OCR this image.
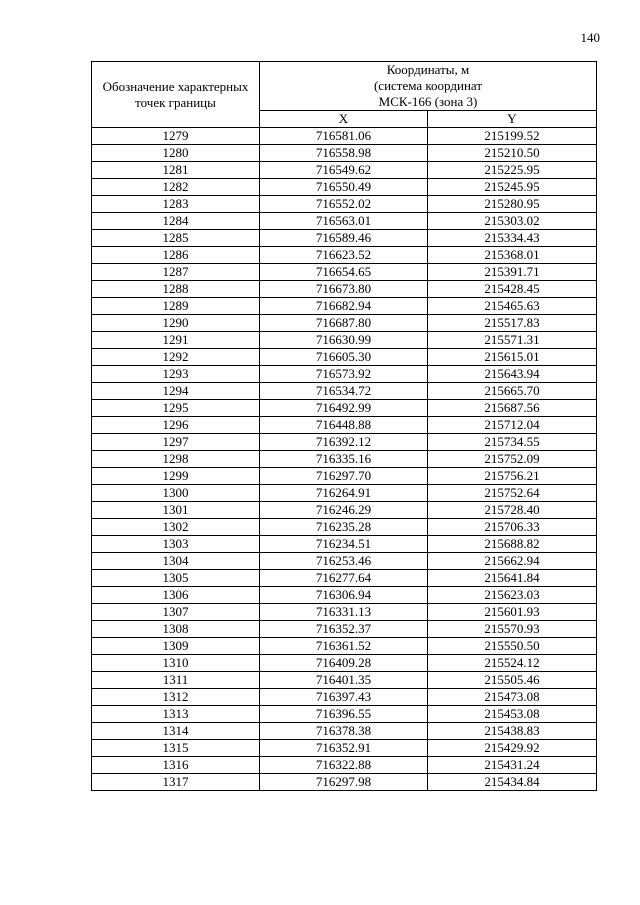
140
Обозначение характерных точек границы	Координаты, м
(система координат
МСК-166 (зона 3)	

	X	Y
1279	716581.06	215199.52
1280	716558.98	215210.50
1281	716549.62	215225.95
1282	716550.49	215245.95
1283	716552.02	215280.95
1284	716563.01	215303.02
1285	716589.46	215334.43
1286	716623.52	215368.01
1287	716654.65	215391.71
1288	716673.80	215428.45
1289	716682.94	215465.63
1290	716687.80	215517.83
1291	716630.99	215571.31
1292	716605.30	215615.01
1293	716573.92	215643.94
1294	716534.72	215665.70
1295	716492.99	215687.56
1296	716448.88	215712.04
1297	716392.12	215734.55
1298	716335.16	215752.09
1299	716297.70	215756.21
1300	716264.91	215752.64
1301	716246.29	215728.40
1302	716235.28	215706.33
1303	716234.51	215688.82
1304	716253.46	215662.94
1305	716277.64	215641.84
1306	716306.94	215623.03
1307	716331.13	215601.93
1308	716352.37	215570.93
1309	716361.52	215550.50
1310	716409.28	215524.12
1311	716401.35	215505.46
1312	716397.43	215473.08
1313	716396.55	215453.08
1314	716378.38	215438.83
1315	716352.91	215429.92
1316	716322.88	215431.24
1317	716297.98	215434.84
